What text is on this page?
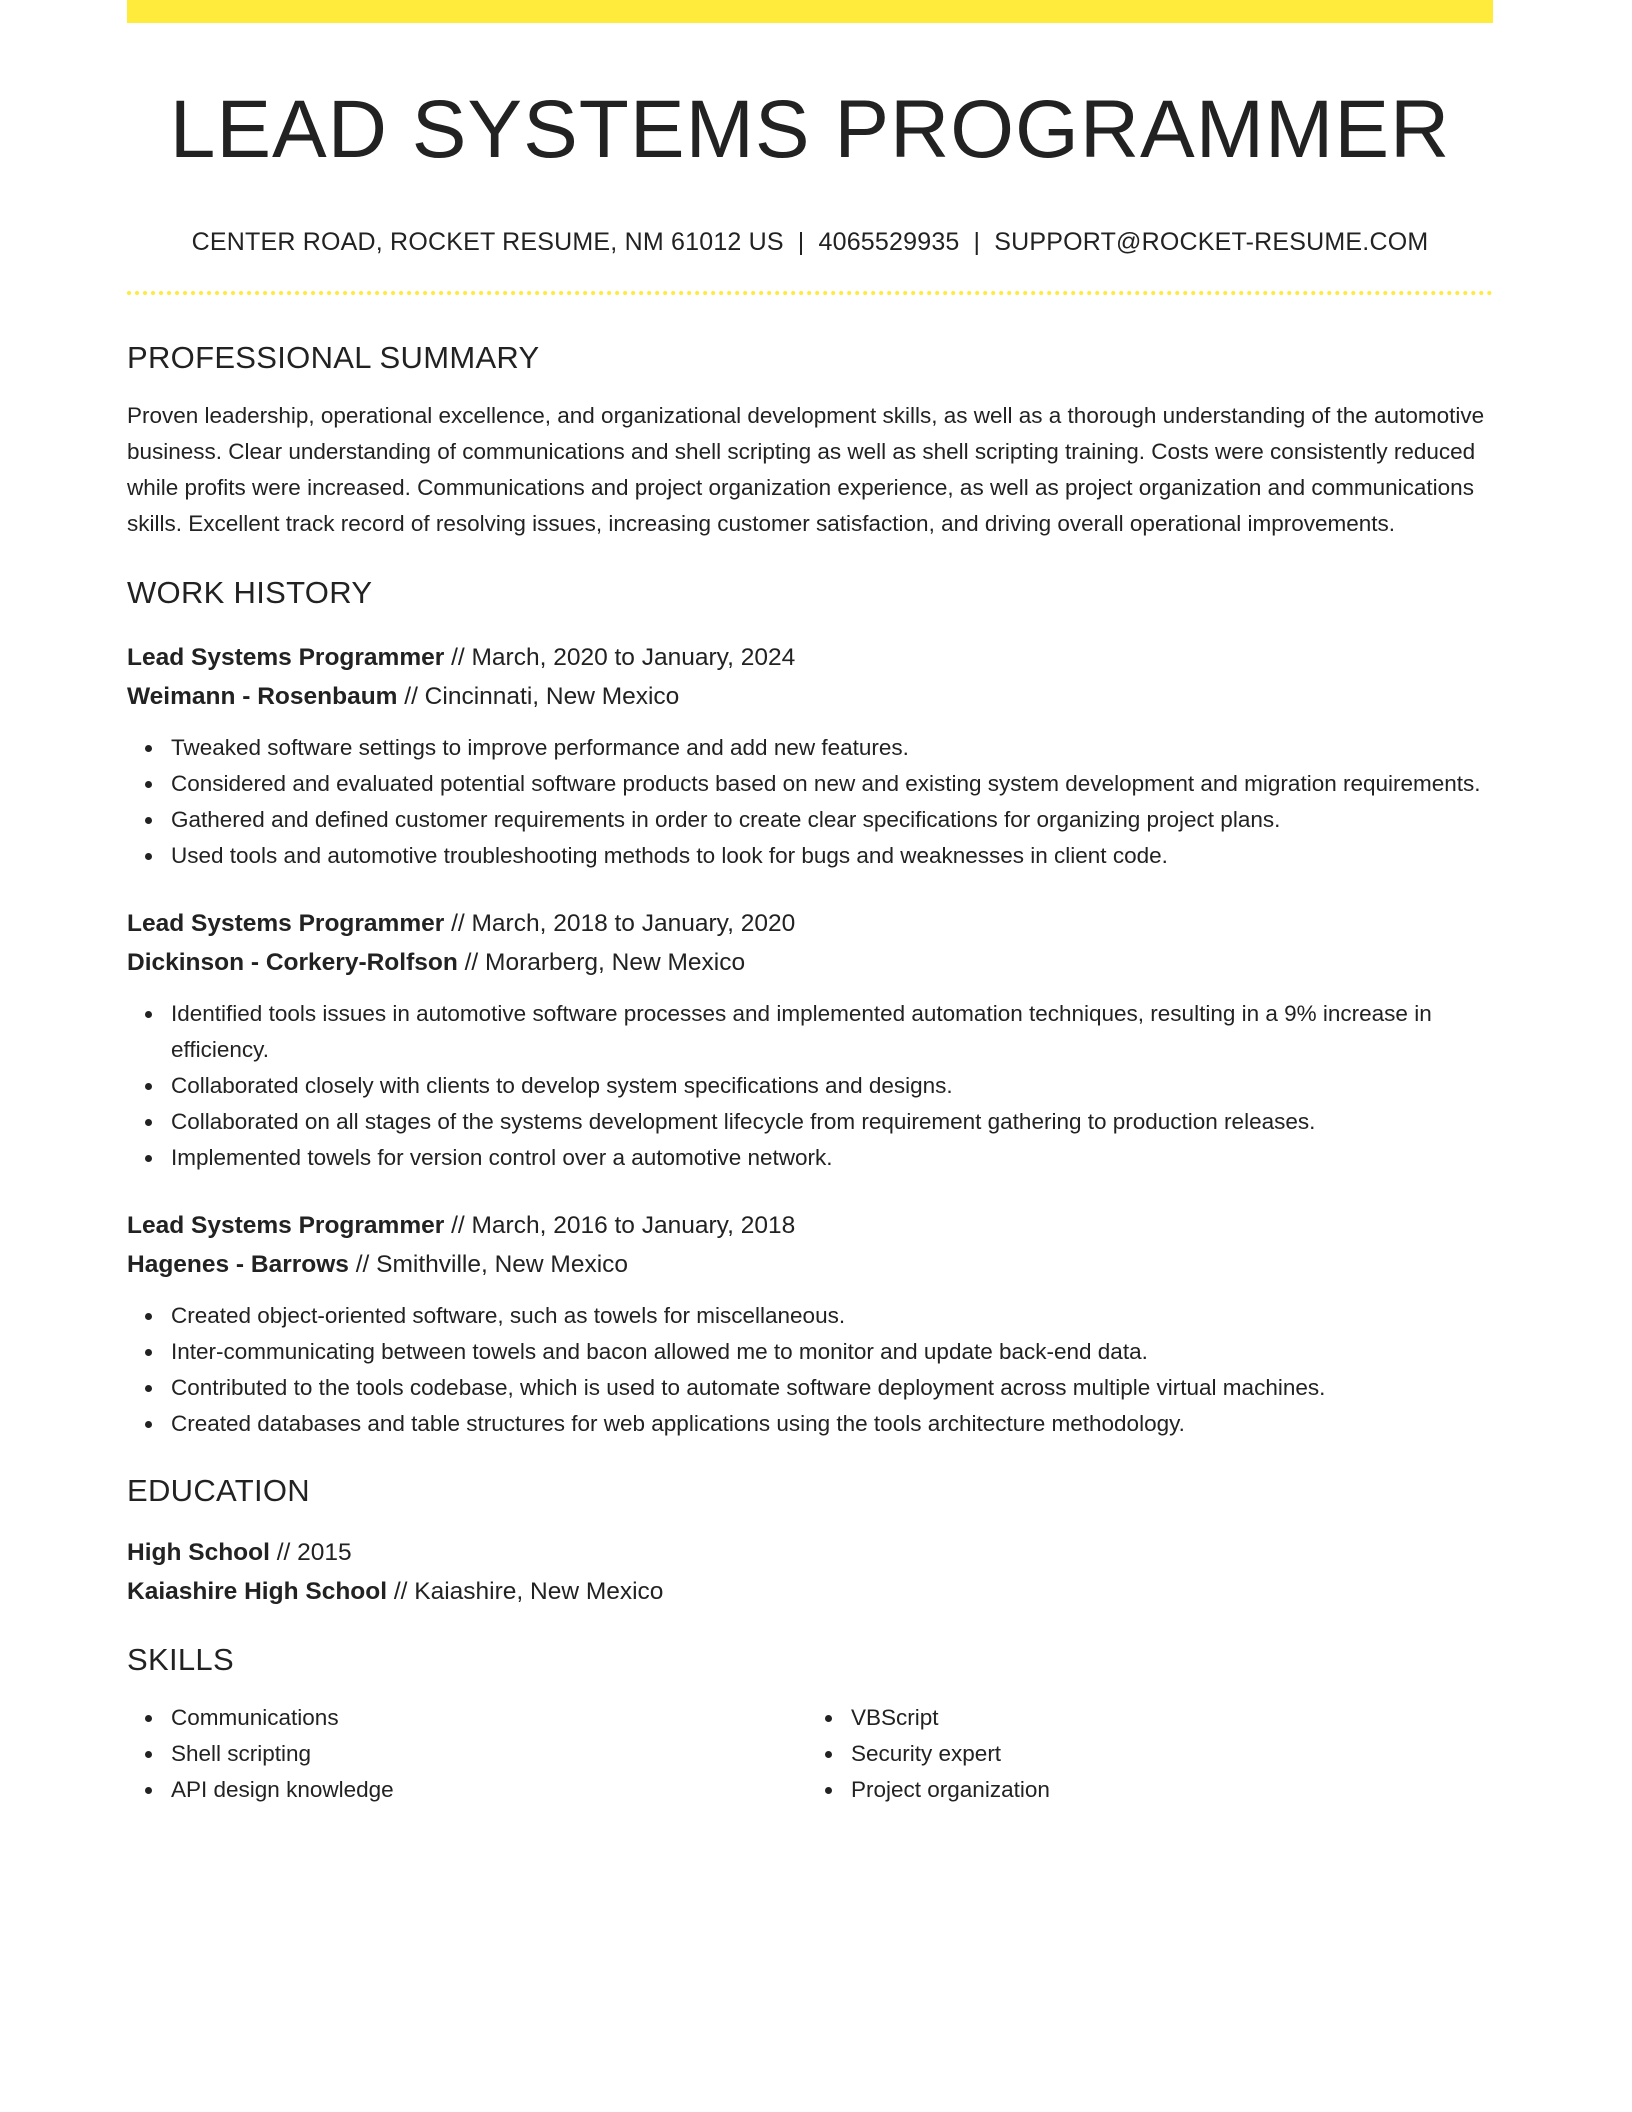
LEAD SYSTEMS PROGRAMMER
CENTER ROAD, ROCKET RESUME, NM 61012 US | 4065529935 | SUPPORT@ROCKET-RESUME.COM
PROFESSIONAL SUMMARY
Proven leadership, operational excellence, and organizational development skills, as well as a thorough understanding of the automotive business. Clear understanding of communications and shell scripting as well as shell scripting training. Costs were consistently reduced while profits were increased. Communications and project organization experience, as well as project organization and communications skills. Excellent track record of resolving issues, increasing customer satisfaction, and driving overall operational improvements.
WORK HISTORY
Lead Systems Programmer // March, 2020 to January, 2024
Weimann - Rosenbaum // Cincinnati, New Mexico
Tweaked software settings to improve performance and add new features.
Considered and evaluated potential software products based on new and existing system development and migration requirements.
Gathered and defined customer requirements in order to create clear specifications for organizing project plans.
Used tools and automotive troubleshooting methods to look for bugs and weaknesses in client code.
Lead Systems Programmer // March, 2018 to January, 2020
Dickinson - Corkery-Rolfson // Morarberg, New Mexico
Identified tools issues in automotive software processes and implemented automation techniques, resulting in a 9% increase in efficiency.
Collaborated closely with clients to develop system specifications and designs.
Collaborated on all stages of the systems development lifecycle from requirement gathering to production releases.
Implemented towels for version control over a automotive network.
Lead Systems Programmer // March, 2016 to January, 2018
Hagenes - Barrows // Smithville, New Mexico
Created object-oriented software, such as towels for miscellaneous.
Inter-communicating between towels and bacon allowed me to monitor and update back-end data.
Contributed to the tools codebase, which is used to automate software deployment across multiple virtual machines.
Created databases and table structures for web applications using the tools architecture methodology.
EDUCATION
High School // 2015
Kaiashire High School // Kaiashire, New Mexico
SKILLS
Communications
Shell scripting
API design knowledge
VBScript
Security expert
Project organization
